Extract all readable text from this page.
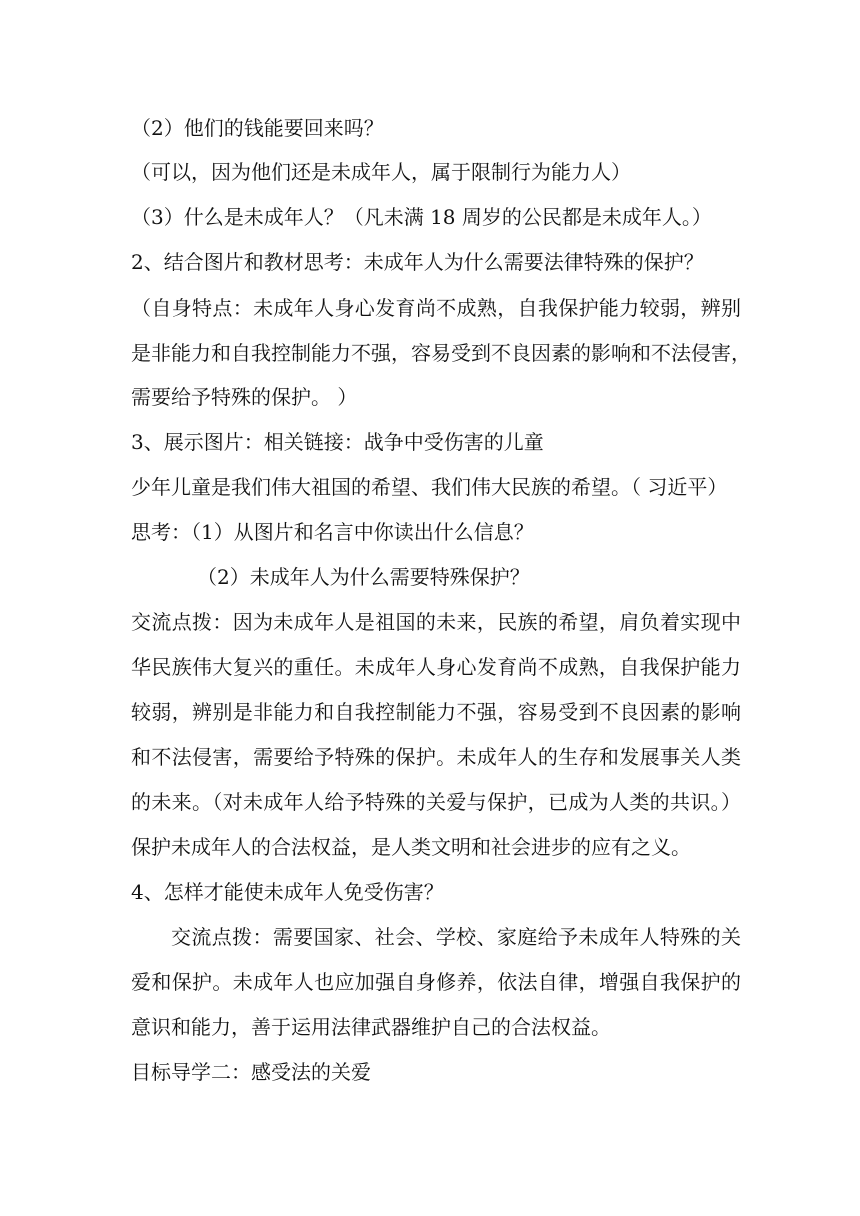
（2）他们的钱能要回来吗？
（可以，因为他们还是未成年人，属于限制行为能力人）
（3）什么是未成年人？（凡未满 18 周岁的公民都是未成年人。）
2、结合图片和教材思考：未成年人为什么需要法律特殊的保护？
（自身特点：未成年人身心发育尚不成熟，自我保护能力较弱，辨别
是非能力和自我控制能力不强，容易受到不良因素的影响和不法侵害，
需要给予特殊的保护。 ）
3、展示图片：相关链接：战争中受伤害的儿童
少年儿童是我们伟大祖国的希望、我们伟大民族的希望。（ 习近平）
思考：（1）从图片和名言中你读出什么信息？
（2）未成年人为什么需要特殊保护？
交流点拨：因为未成年人是祖国的未来，民族的希望，肩负着实现中
华民族伟大复兴的重任。未成年人身心发育尚不成熟，自我保护能力
较弱，辨别是非能力和自我控制能力不强，容易受到不良因素的影响
和不法侵害，需要给予特殊的保护。未成年人的生存和发展事关人类
的未来。（对未成年人给予特殊的关爱与保护，已成为人类的共识。）
保护未成年人的合法权益，是人类文明和社会进步的应有之义。
4、怎样才能使未成年人免受伤害？
交流点拨：需要国家、社会、学校、家庭给予未成年人特殊的关
爱和保护。未成年人也应加强自身修养，依法自律，增强自我保护的
意识和能力，善于运用法律武器维护自己的合法权益。
目标导学二：感受法的关爱
